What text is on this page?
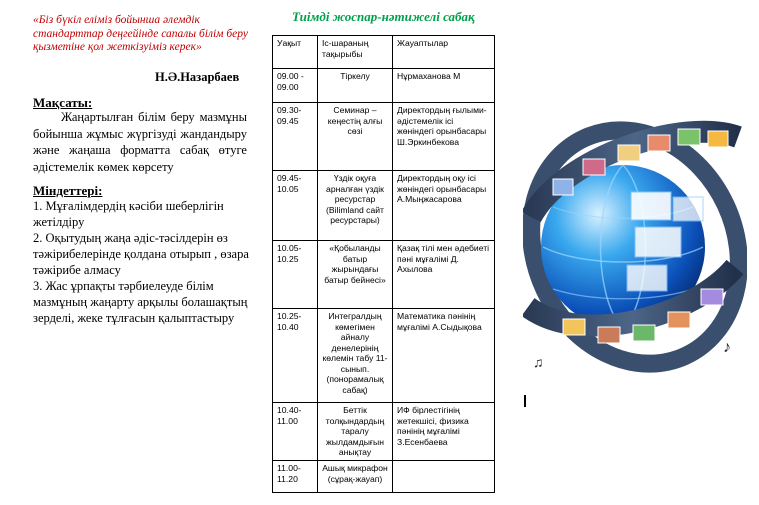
«Біз бүкіл еліміз бойынша әлемдік стандарттар деңгейінде сапалы білім беру қызметіне қол жеткізуіміз керек»
Н.Ә.Назарбаев
Мақсаты:
Жаңартылған білім беру мазмұны бойынша жұмыс жүргізуді жандандыру және жаңаша форматта сабақ өтуге әдістемелік көмек көрсету
Міндеттері:
1. Мұғалімдердің кәсіби шеберлігін жетілдіру
2. Оқытудың жаңа әдіс-тәсілдерін өз тәжірибелерінде қолдана отырып , өзара тәжірибе алмасу
3. Жас ұрпақты тәрбиелеуде білім мазмұның жаңарту арқылы болашақтың зерделі, жеке тұлғасын қалыптастыру
Тиімді жоспар-нәтижелі сабақ
Уақыт	Іс-шараның тақырыбы	Жауаптылар
09.00 - 09.00	Тіркелу	Нұрмаханова М
09.30-09.45	Семинар – кеңестің алғы сөзі	Директордың ғылыми-әдістемелік ісі жөніндегі орынбасары Ш.Эркинбекова
09.45-10.05	Үздік оқуға арналған үздік ресурстар (Bilimland сайт ресурстары)	Директордың оқу ісі жөніндегі орынбасары А.Мыңжасарова
10.05-10.25	«Қобыланды батыр жырындағы батыр бейнесі»	Қазақ тілі мен әдебиеті пәні мұғалімі Д. Ахылова
10.25-10.40	Интегралдың көмегімен айналу денелерінің көлемін табу 11-сынып. (понорамалық сабақ)	Математика пәнінің мұғалімі А.Сыдықова
10.40-11.00	Беттік толқындардың таралу жылдамдығын анықтау	ИФ бірлестігінің жетекшісі, физика пәнінің мұғалімі З.Есенбаева
11.00-11.20	Ашық микрафон (сұрақ-жауап)	
♪
♫
